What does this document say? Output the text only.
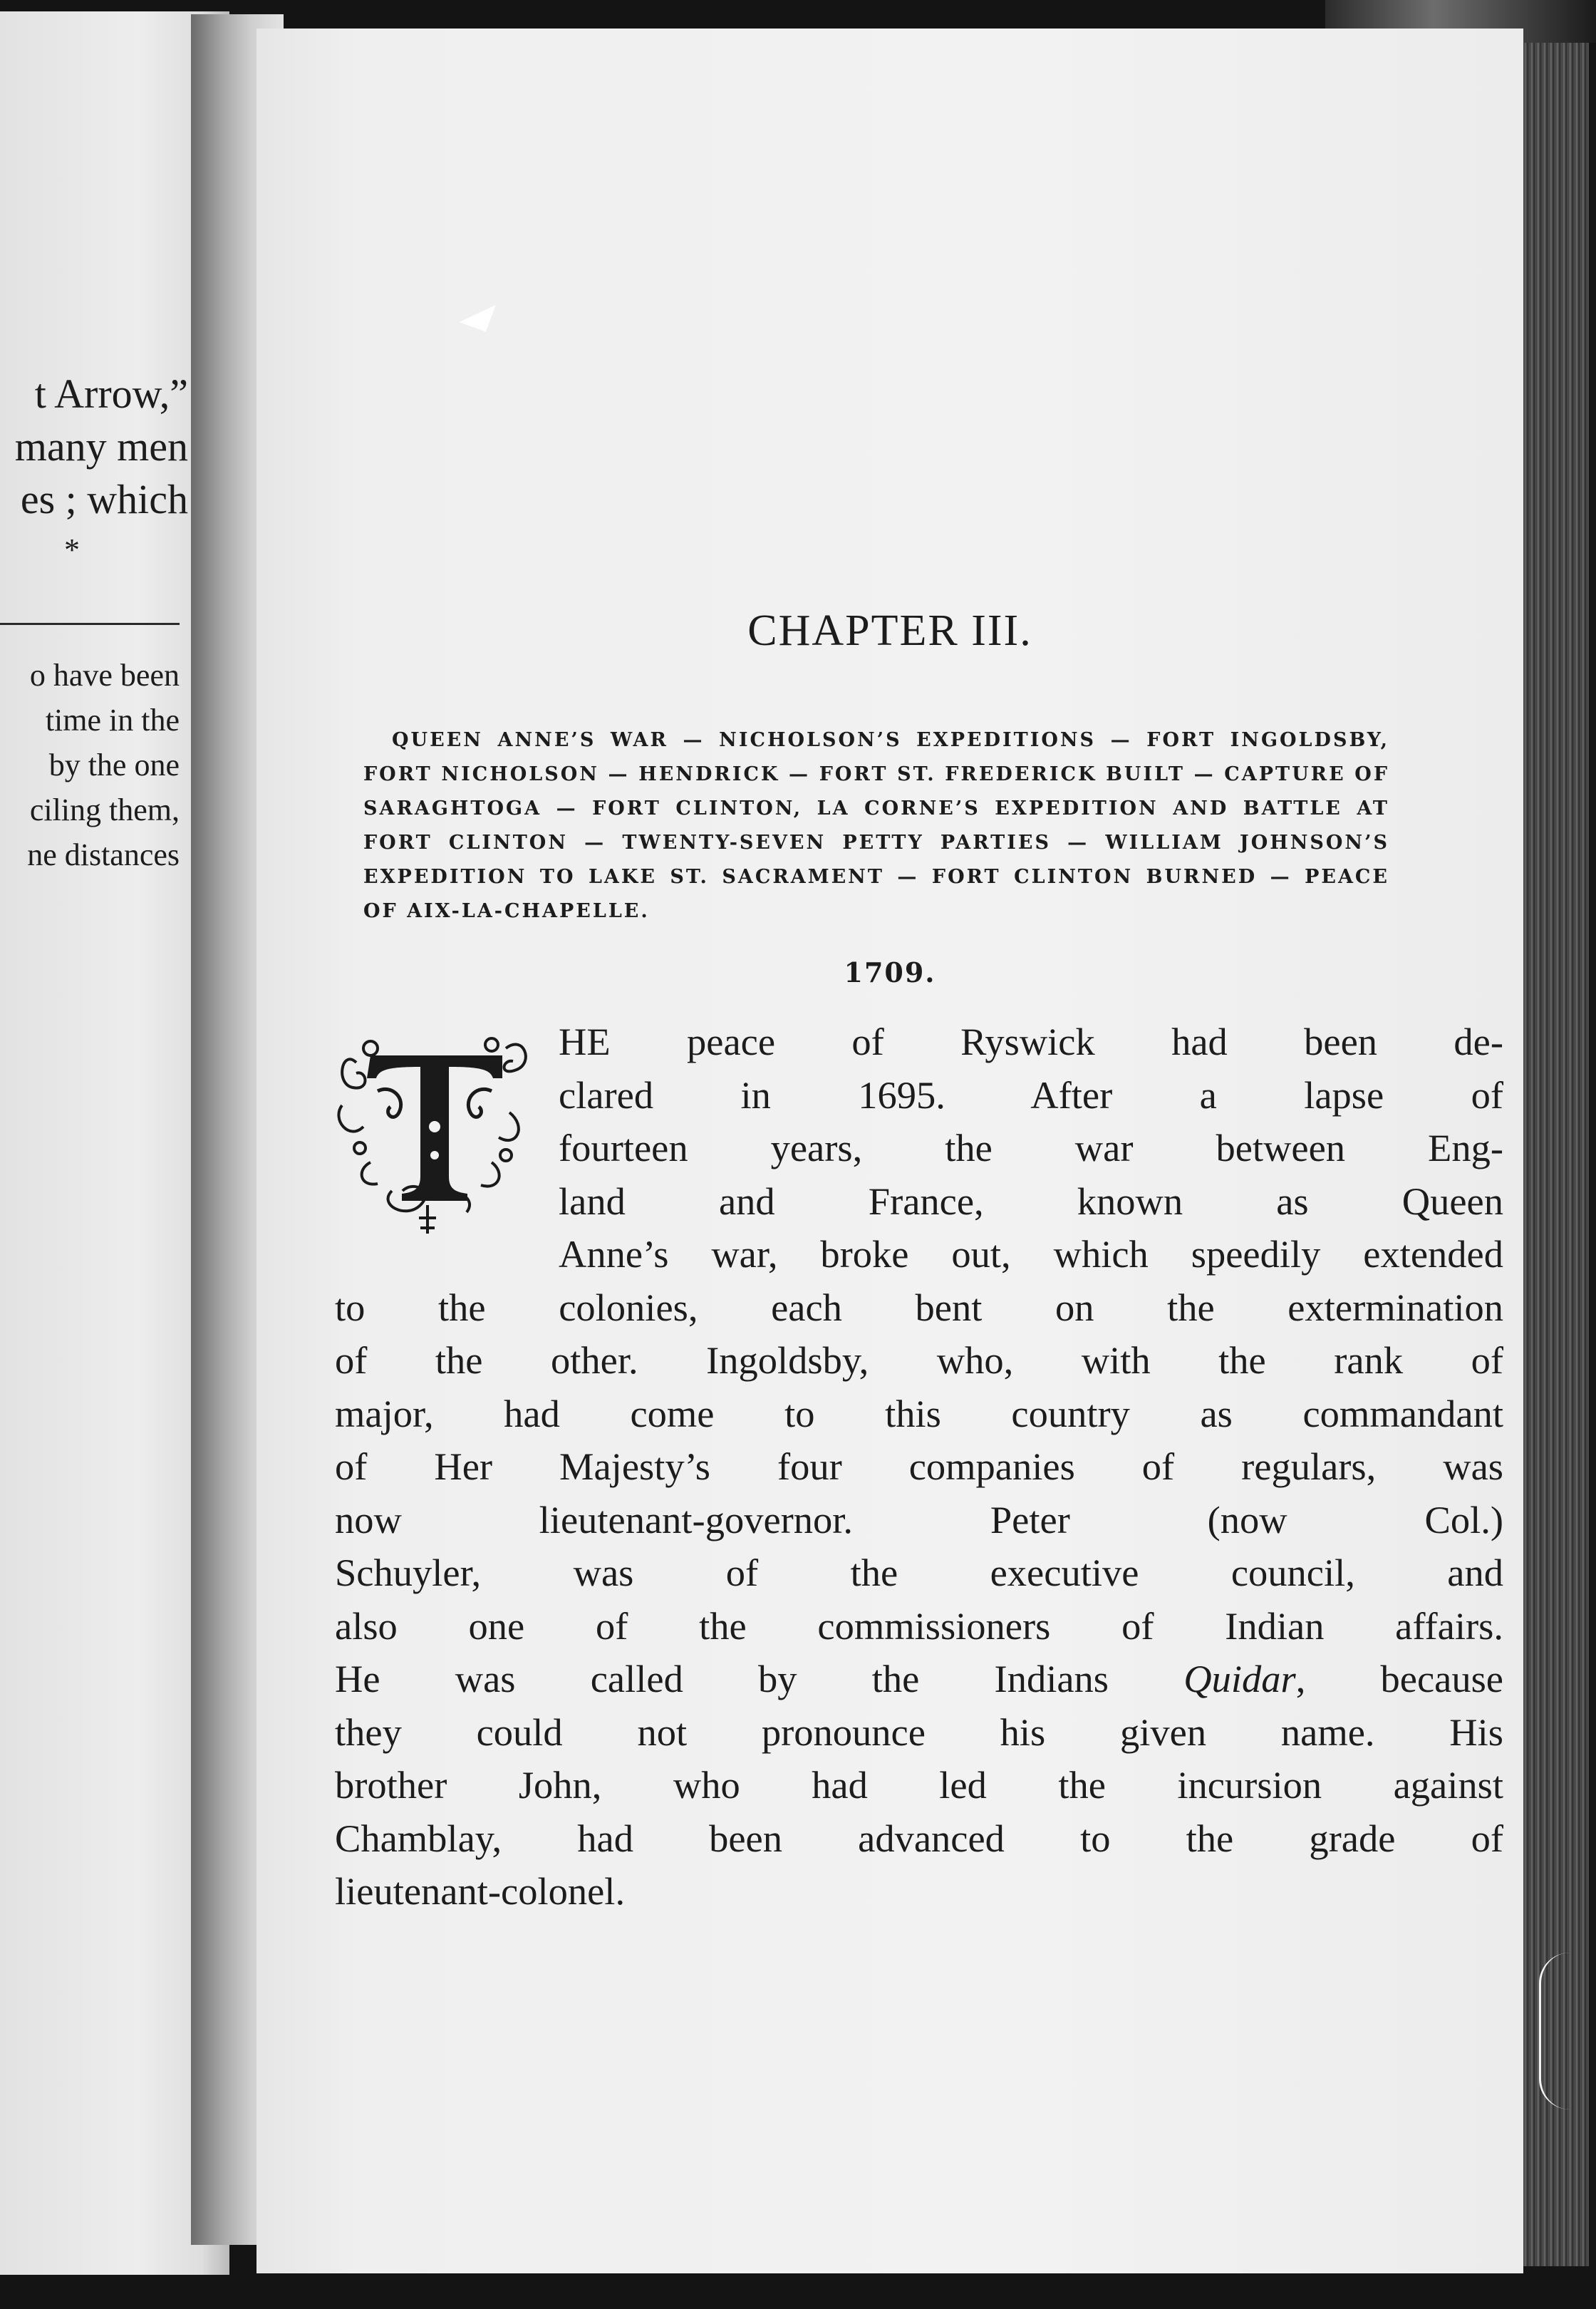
t Arrow,”
many men
es ; which
*
o have been
time in the
by the one
ciling them,
ne distances
CHAPTER III.
QUEEN ANNE’S WAR — NICHOLSON’S EXPEDITIONS — FORT INGOLDSBY, FORT NICHOLSON — HENDRICK — FORT ST. FREDERICK BUILT — CAPTURE OF SARAGHTOGA — FORT CLINTON, LA CORNE’S EXPEDITION AND BATTLE AT FORT CLINTON — TWENTY-SEVEN PETTY PARTIES — WILLIAM JOHNSON’S EXPEDITION TO LAKE ST. SACRAMENT — FORT CLINTON BURNED — PEACE OF AIX-LA-CHAPELLE.
1709.
HE peace of Ryswick had been de-
clared in 1695. After a lapse of
fourteen years, the war between Eng-
land and France, known as Queen
Anne’s war, broke out, which speedily extended
to the colonies, each bent on the extermination
of the other. Ingoldsby, who, with the rank of
major, had come to this country as commandant
of Her Majesty’s four companies of regulars, was
now lieutenant-governor. Peter (now Col.)
Schuyler, was of the executive council, and
also one of the commissioners of Indian affairs.
He was called by the Indians Quidar, because
they could not pronounce his given name. His
brother John, who had led the incursion against
Chamblay, had been advanced to the grade of
lieutenant-colonel.
